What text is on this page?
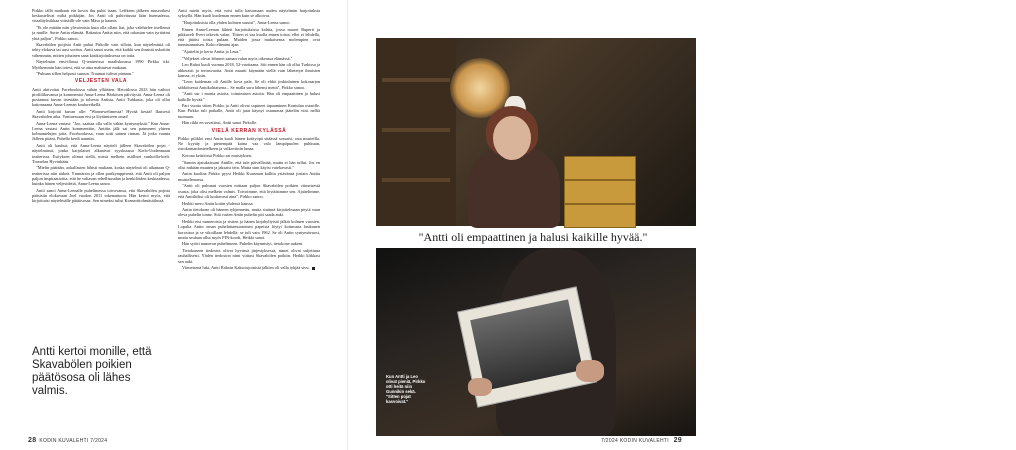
Pirkko tällä matkaan ein kovin ihu pubit tsaan. Leftkeen jälkeen museotkesi keskustelivat miltä piikkijän. Jos Antti oli puhtvitusua lään huemalessa, vitaalityksikkaa vittsäillt-ole vain Mäsa ja kaunis.

"Et ole mitään niin ylivoimista kuin olla ollatu liat, joka valehtelee itsellensä ja muille. Surte Antin elämää. Rakastin Anttia niin, että rakastan vain tyrtärimi yhtä paljon", Pirkko sanoo.

Skavabölen poijista Antti puhui Pirkolle vain silloin, kun näytelmästä oli tehty elokuva tai uusi sovitus. Antti sanoi usein, että kaikki sen ihmisiä uskottiin vähemmän, mitten johainen sana käsikirjoituksessa on totta.

Näytelmän ensi-illassa Q-teatterissa maaliskuussa 1990 Pirkko itki. Myöhemmin hän totesi, että se aina mahtuivat mukaan.

"Puhuan sillon helposti suruun. Traumat tulivat pintaan."

VELJESTEN VALA

Antti aktivoitui Facebookissa vähän ylläitäen. Hetotilossa 2023 hän vaihtoi profiilikuvansa ja kommentoi Anna-Leena Härkösen päivitystä. Anna-Leena oli postannut kuvan itsestään ja tolsesta Antista, Antti Tuhkasta, joka oli ollut kattonsaana Anna-Leenan kouluretkellä.

Antti kirjoitti kuvan alle: "Wonneweltmessä! Hyvää kesää! Ikuisesti Skavabölen aika. Varttuessaan etsi ja löytämiseen omat!

Anna-Leena vastasi: "Joo, saattaa olla vallo vähän kyntymyksiä." Kun Anna-Leena vastasi Antin kommenttiin, Anttiin jälk sai sen painuneet yhteen kolmantelujen jotta. Facebookissa, vaan sotti sainen rinnan. Jä jotka vaanta Jälleen pitäni, Puhella kerdi nanntin.

Antti oli kauhut, että Anna-Leena näytteli jälleen Skavabölen pojat -näytelmässä, jonka karjolaiset alkanivat syyskuussa Kielo-Uudenmaan teatterissa. Esityksen olimat siellä, missä melkein asiilliset vanhoilla-kieli. Trasselan Hyvinkään.

"Mielin päätään, aokallasten lähisti mukaan, koska näytelmä oli aikanaan Q-teatterissa niin tärkeä. Ymmärsin ja ollen parikymppisenä, että Antti oli paljon paljon inspiraatioitta, että he valtavan rehellisuudan ja henkilöiden keskuudessa, kuinka hänen veljesidettä, Anna-Leena sanoo.

Antti sanoi Anna-Leenalle puhelimessa toivovansa, että Skavabölen pojista pääsisiin elokuvaan Joel vuoden 2011 tokenantoon. Hän kertoi myös, että kirjoittaisi näytelmälle päätösosaa. Sen nimeksi tulisi Konserttiohmäsäilussä.

Antti kertoi monille, että Skavabölen poikien päätösosa oli lähes valmis.

Antti mietti myös, että voisi tulla katsomaan uuden näytelmän harjoituksia syksyllä. Hän kuoli kuoleman ennen kuin se alkoivat.

"Harjoituksista olla yhden kolmen suruisi", Anna-Leena sanoo.

Ennen Anna-Leenan lähteti harjoituksissa kohtia, jossa nuoret Ruperti ja pikkuveli Evert tekevät valan. Tiittert ei saa kuolla ennen toista, ellei ei lehdellä, että jätäisi toista pulaan. Muiden jossa mukaisensa molempien ovat tunnistamaisen. Koko elämäni ajan.

"Ajattelin jo kerta Anttia ja Leua."

"Veljekset olivat lehmeri saman valan myös oikeassa elämässä."

Leo Rahoi kuoli vuonna 2018, 52-vuotiaana. Siti ennen hän oli ollut Turkissa ja ahkerasti ja tertusvuotta. Antti muutti käymään siellä vain lähetetyn ihmisten kanssa, ei yksin.

"Leon kaideman oli Antille kova pala. Se oli ehkä joskinlainen kokosarjan sähköisessä Anttikohtaisena... Se malla suru lähensi mettä", Pirkko sanoo.

"Antti sur i monia asioita, toimimisen asioita. Hän oli empaattinen ja halusi kaikille hyvää."

Pari vuotta sitten Pirkko ja Antti olivat sopineet tapaaminen Kontulan ostarille. Kun Pirkko tuli paikalle, Antti oli jatat käynyt ostamassa jäätelön viisi nelliä tuomaan.

Hän rikki en suvaitissi, Antti sanoi Pirkolle.

VIELÄ KERRAN KYLÄSSÄ

Pirkko pilikloi ensi Antin kuoli hänen kotityöpä sitäässä sossaisi, osta musteilla. Ne kyytäy ja pienempää kaina vaa valo lämpöpuolen puhkuun, ristokarttanfastetelkeen ja valkoviinin lunaa.

Kotona keittiössä Pirkko sai muistyksen.

"Sanoin ajatuksissani Antille, että tule päivällistää, mutta ei hän tullut. Jos en olisi mikään muuten ja jaksaisi tein. Mutta sinn käyisi vaiekavasti."

Antin kuolina Pirkko pyysi Heikki Kuusman kalliin ystävänsä jostain Anttia muistelemassa.

"Antti oli puhunut vuosien mittaan paljon Skavabölen poikien viimeisestä osasta, joka olisi melkein valmis. Toivoimme, että löytäisimme sen. Ajattelimme, että Anttiltöksi oli luultavasti aina", Pirkko sanoo.

Heikki mero Antin kotiin yhdessä kanssa.

Antin tietokone oli häneen tyhjennettu, mutta sinänsä kirjoitelmaan pöytä vaan oleva puhelin tonne. Sitä varten Antin puhelin piti saada auki.

Heikki etsi numeroista ja ristien ja hänen kirjahyllyistä jälkiä kolmen vuosien. Lopulta Antin oman puheluitamuotoinen papeista löytyi kotimusta luukunen korosissa ja se vikoillaan lehdellä: se tuli vain 1962. Se oli Antin syntymävuosi, mutta seulaan ollut myös PIN-koodi, Heikki sanoi.

Hän syötti numeron puhelimeen. Puhelin käynnistyi, tietokone aukeni.

Tietokoneen tiedostot olivat hyvässä järjestyksessä, nimet olivat suljettuna rauhallisesti. Yhden tiedoston nimi viittasi Skavabölen poikiin. Heikki klikkasi sen auki.

Viimeisenä luki, Antti Rahoin Kaksoisjoinistä jälkien oli valla tyhjää sivu.

28 KODIN KUVALEHTI 7/2024
"Antti kuunteli sinä, mitä minulla oli sanottavana. Hän oli niin kuunteli. Eräitä koulutkin", Pirkko kertoo kuvassa.
"Antti oli empaattinen ja halusi kaikille hyvää."
Kun Antti ja Leo olivat pieniä, Pirkko otti heitä niin Gunnikin sekä. "Sitten pojat kasvoivat."
7/2024 KODIN KUVALEHTI 29
